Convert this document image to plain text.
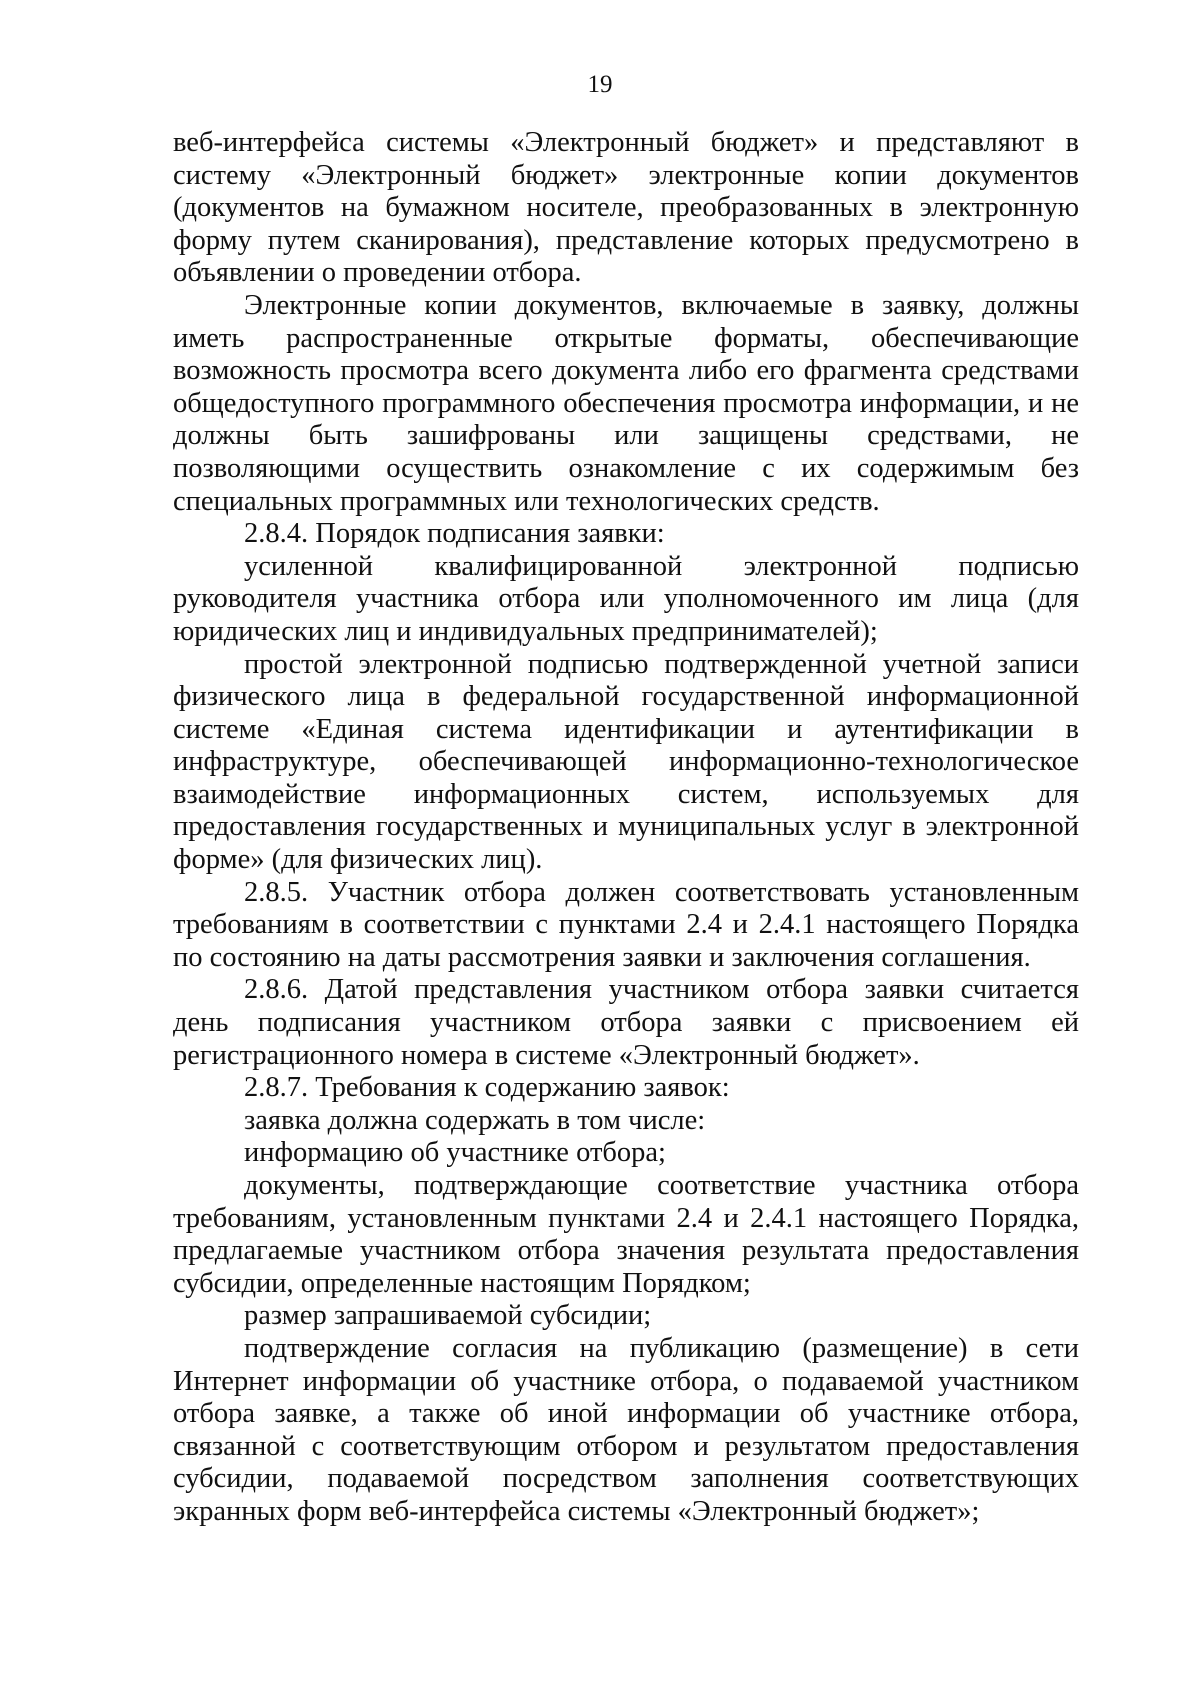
19

веб-интерфейса системы «Электронный бюджет» и представляют в систему «Электронный бюджет» электронные копии документов (документов на бумажном носителе, преобразованных в электронную форму путем сканирования), представление которых предусмотрено в объявлении о проведении отбора.

Электронные копии документов, включаемые в заявку, должны иметь распространенные открытые форматы, обеспечивающие возможность просмотра всего документа либо его фрагмента средствами общедоступного программного обеспечения просмотра информации, и не должны быть зашифрованы или защищены средствами, не позволяющими осуществить ознакомление с их содержимым без специальных программных или технологических средств.

2.8.4. Порядок подписания заявки:

усиленной квалифицированной электронной подписью руководителя участника отбора или уполномоченного им лица (для юридических лиц и индивидуальных предпринимателей);

простой электронной подписью подтвержденной учетной записи физического лица в федеральной государственной информационной системе «Единая система идентификации и аутентификации в инфраструктуре, обеспечивающей информационно-технологическое взаимодействие информационных систем, используемых для предоставления государственных и муниципальных услуг в электронной форме» (для физических лиц).

2.8.5. Участник отбора должен соответствовать установленным требованиям в соответствии с пунктами 2.4 и 2.4.1 настоящего Порядка по состоянию на даты рассмотрения заявки и заключения соглашения.

2.8.6. Датой представления участником отбора заявки считается день подписания участником отбора заявки с присвоением ей регистрационного номера в системе «Электронный бюджет».

2.8.7. Требования к содержанию заявок:

заявка должна содержать в том числе:

информацию об участнике отбора;

документы, подтверждающие соответствие участника отбора требованиям, установленным пунктами 2.4 и 2.4.1 настоящего Порядка, предлагаемые участником отбора значения результата предоставления субсидии, определенные настоящим Порядком;

размер запрашиваемой субсидии;

подтверждение согласия на публикацию (размещение) в сети Интернет информации об участнике отбора, о подаваемой участником отбора заявке, а также об иной информации об участнике отбора, связанной с соответствующим отбором и результатом предоставления субсидии, подаваемой посредством заполнения соответствующих экранных форм веб-интерфейса системы «Электронный бюджет»;
